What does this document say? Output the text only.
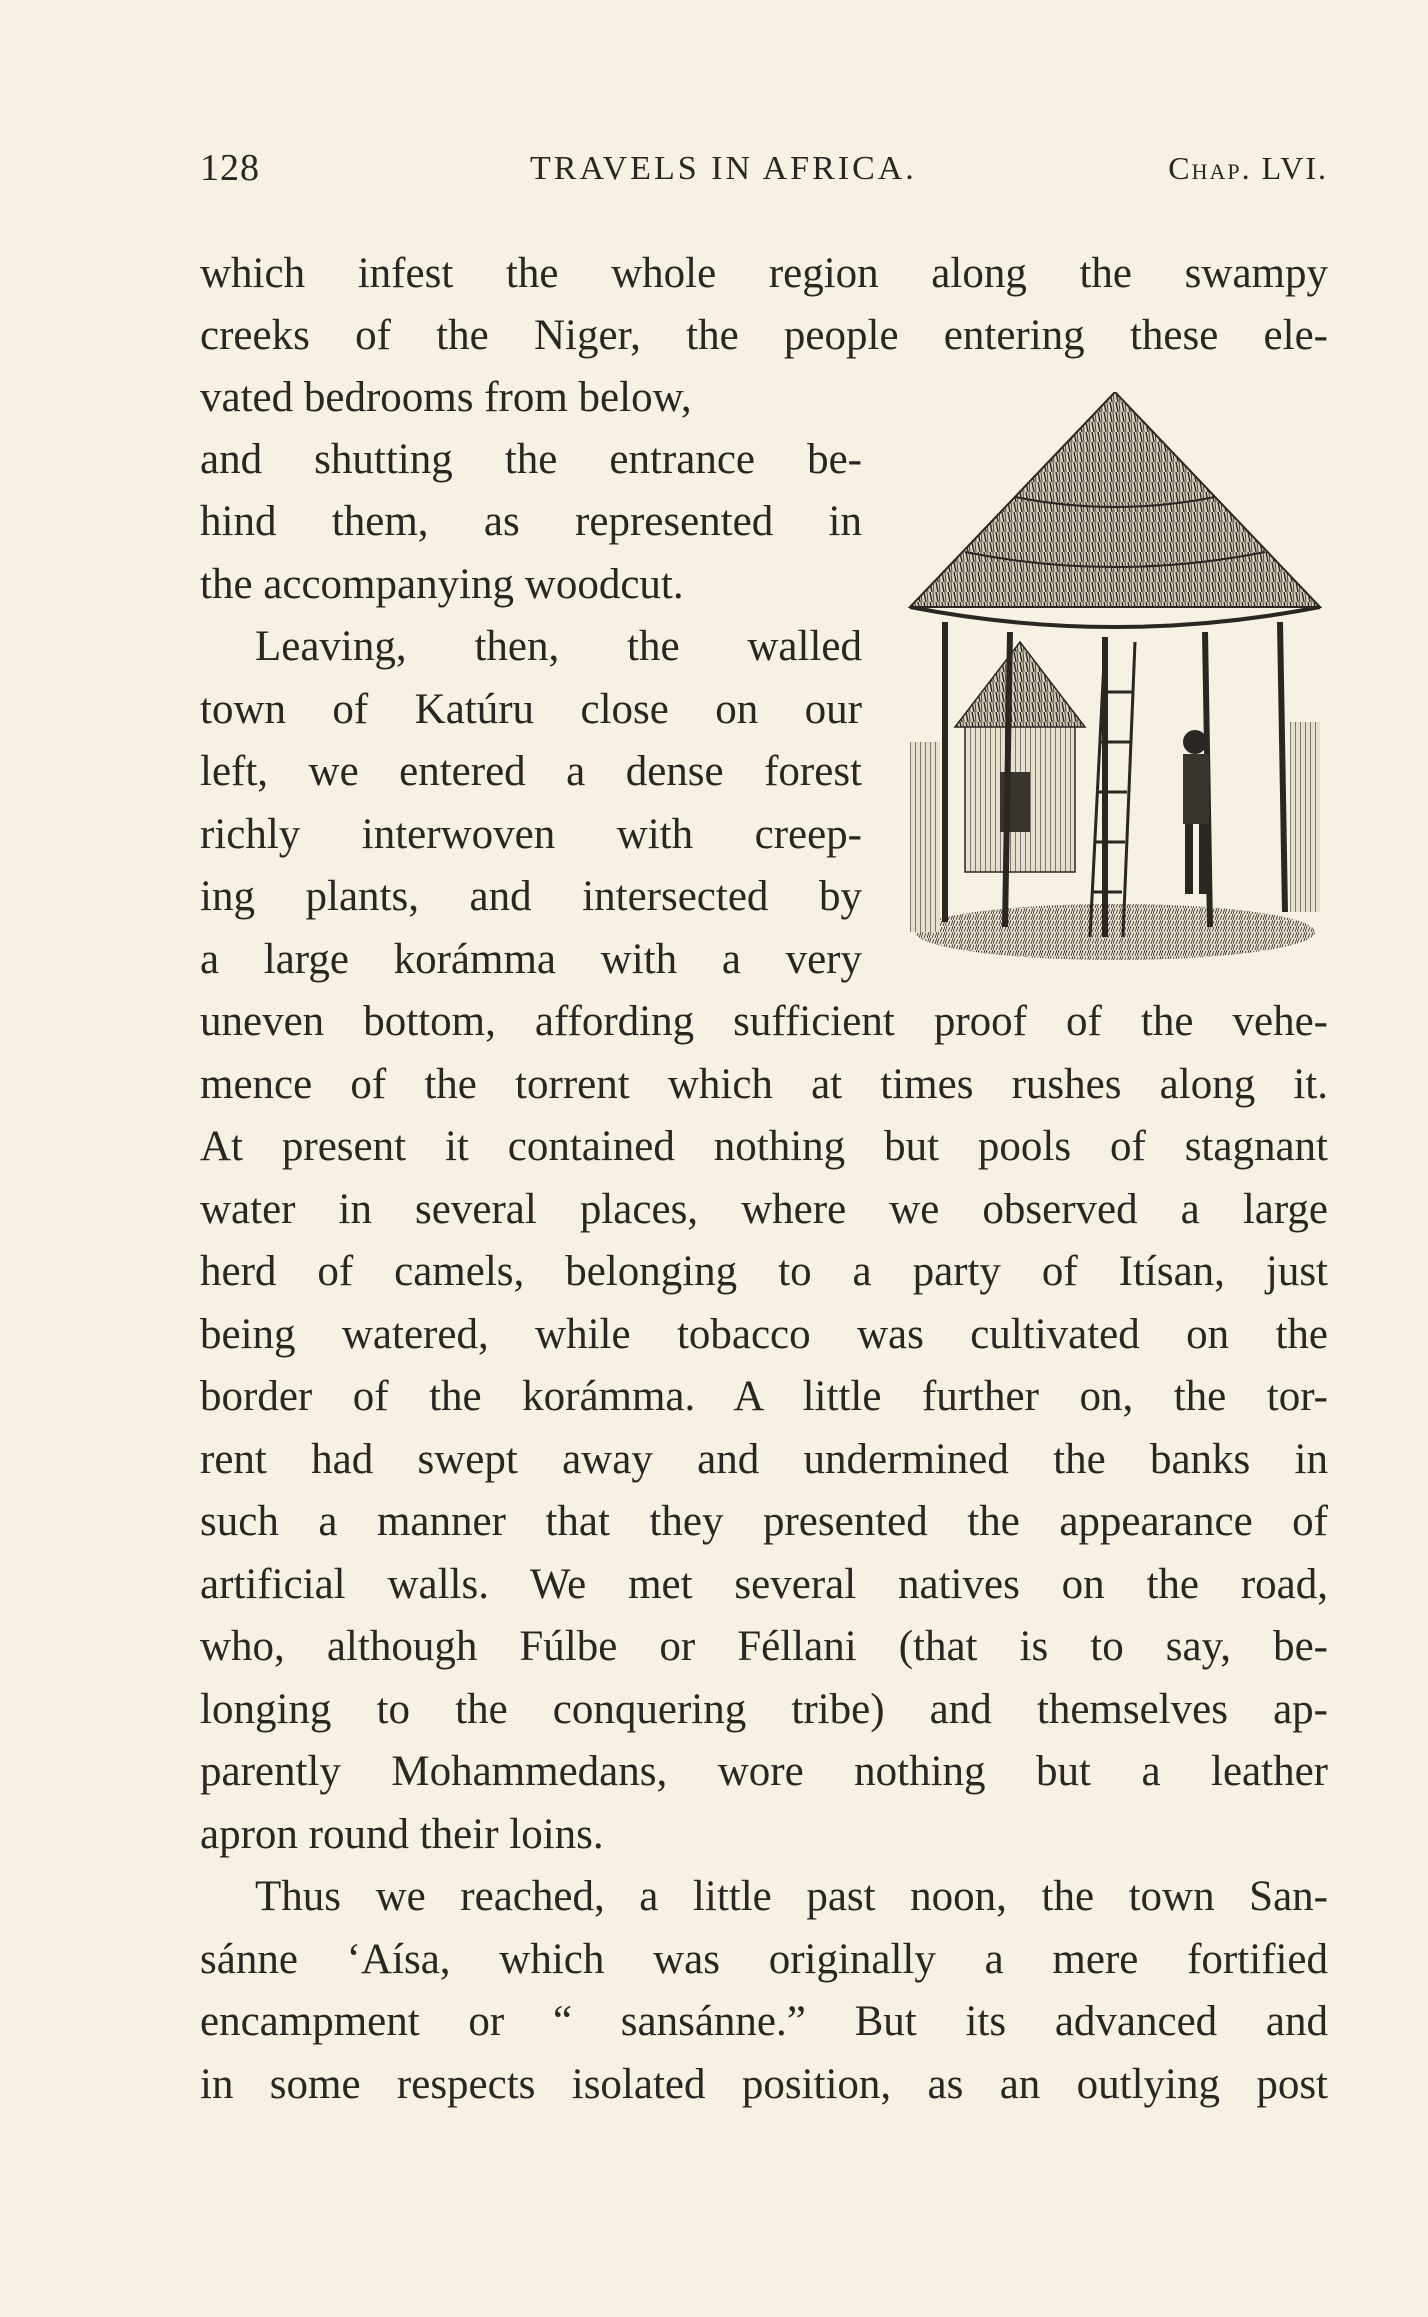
128	TRAVELS IN AFRICA.	Chap. LVI.
which infest the whole region along the swampy
creeks of the Niger, the people entering these ele-
vated bedrooms from below,
and shutting the entrance be-
hind them, as represented in
the accompanying woodcut.
Leaving, then, the walled
town of Katúru close on our
left, we entered a dense forest
richly interwoven with creep-
ing plants, and intersected by
a large korámma with a very
uneven bottom, affording sufficient proof of the vehe-
mence of the torrent which at times rushes along it.
At present it contained nothing but pools of stagnant
water in several places, where we observed a large
herd of camels, belonging to a party of Itísan, just
being watered, while tobacco was cultivated on the
border of the korámma. A little further on, the tor-
rent had swept away and undermined the banks in
such a manner that they presented the appearance of
artificial walls. We met several natives on the road,
who, although Fúlbe or Féllani (that is to say, be-
longing to the conquering tribe) and themselves ap-
parently Mohammedans, wore nothing but a leather
apron round their loins.
Thus we reached, a little past noon, the town San-
sánne ‘Aísa, which was originally a mere fortified
encampment or “ sansánne.” But its advanced and
in some respects isolated position, as an outlying post
